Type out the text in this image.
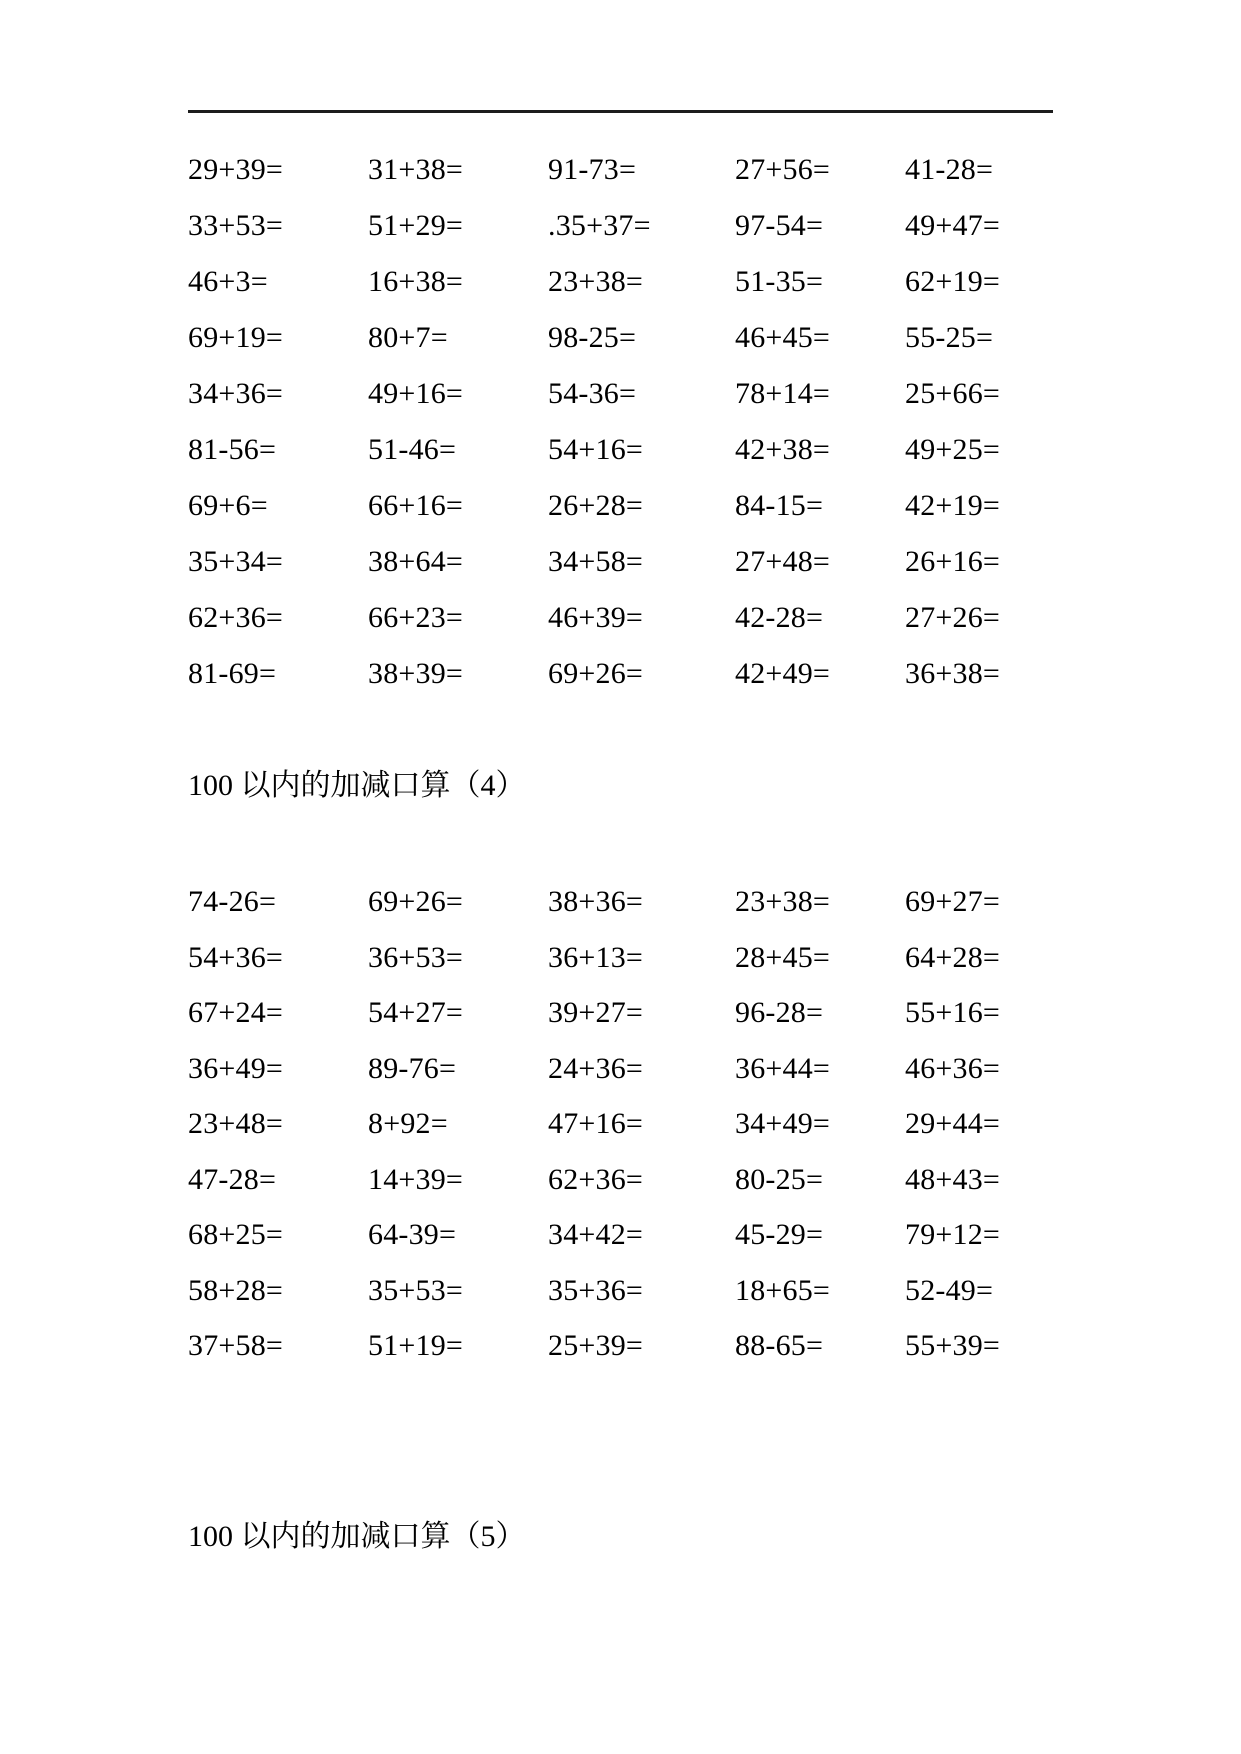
29+39=	31+38=	91-73=	27+56=	41-28=
33+53=	51+29=	.35+37=	97-54=	49+47=
46+3=	16+38=	23+38=	51-35=	62+19=
69+19=	80+7=	98-25=	46+45=	55-25=
34+36=	49+16=	54-36=	78+14=	25+66=
81-56=	51-46=	54+16=	42+38=	49+25=
69+6=	66+16=	26+28=	84-15=	42+19=
35+34=	38+64=	34+58=	27+48=	26+16=
62+36=	66+23=	46+39=	42-28=	27+26=
81-69=	38+39=	69+26=	42+49=	36+38=
100 以内的加减口算（4）
74-26=	69+26=	38+36=	23+38=	69+27=
54+36=	36+53=	36+13=	28+45=	64+28=
67+24=	54+27=	39+27=	96-28=	55+16=
36+49=	89-76=	24+36=	36+44=	46+36=
23+48=	8+92=	47+16=	34+49=	29+44=
47-28=	14+39=	62+36=	80-25=	48+43=
68+25=	64-39=	34+42=	45-29=	79+12=
58+28=	35+53=	35+36=	18+65=	52-49=
37+58=	51+19=	25+39=	88-65=	55+39=
100 以内的加减口算（5）
